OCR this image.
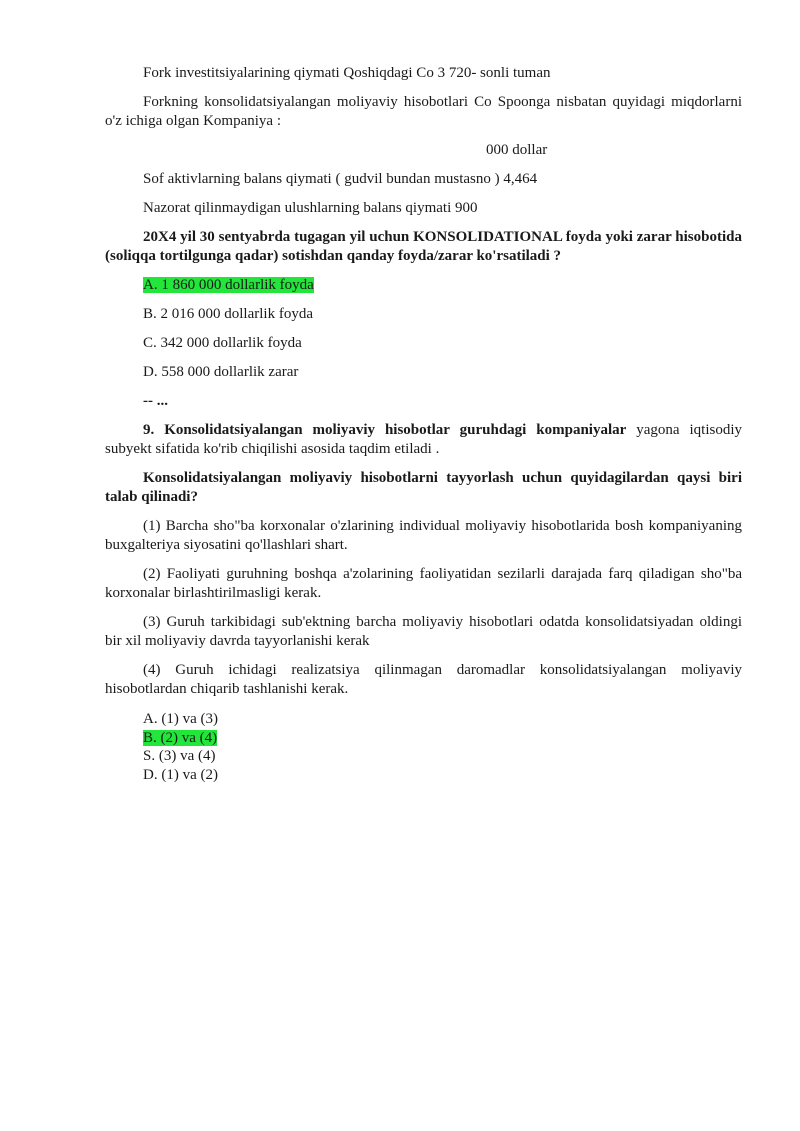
Fork investitsiyalarining qiymati Qoshiqdagi Co 3 720- sonli tuman

Forkning konsolidatsiyalangan moliyaviy hisobotlari Co Spoonga nisbatan quyidagi miqdorlarni o'z ichiga olgan Kompaniya :

000 dollar

Sof aktivlarning balans qiymati ( gudvil bundan mustasno ) 4,464

Nazorat qilinmaydigan ulushlarning balans qiymati 900

20X4 yil 30 sentyabrda tugagan yil uchun KONSOLIDATIONAL foyda yoki zarar hisobotida (soliqqa tortilgunga qadar) sotishdan qanday foyda/zarar ko'rsatiladi ?

A. 1 860 000 dollarlik foyda

B. 2 016 000 dollarlik foyda

C. 342 000 dollarlik foyda

D. 558 000 dollarlik zarar

-- ...

9. Konsolidatsiyalangan moliyaviy hisobotlar guruhdagi kompaniyalar yagona iqtisodiy subyekt sifatida ko'rib chiqilishi asosida taqdim etiladi .

Konsolidatsiyalangan moliyaviy hisobotlarni tayyorlash uchun quyidagilardan qaysi biri talab qilinadi?

(1) Barcha sho"ba korxonalar o'zlarining individual moliyaviy hisobotlarida bosh kompaniyaning buxgalteriya siyosatini qo'llashlari shart.

(2) Faoliyati guruhning boshqa a'zolarining faoliyatidan sezilarli darajada farq qiladigan sho"ba korxonalar birlashtirilmasligi kerak.

(3) Guruh tarkibidagi sub'ektning barcha moliyaviy hisobotlari odatda konsolidatsiyadan oldingi bir xil moliyaviy davrda tayyorlanishi kerak

(4) Guruh ichidagi realizatsiya qilinmagan daromadlar konsolidatsiyalangan moliyaviy hisobotlardan chiqarib tashlanishi kerak.

A. (1) va (3)

B. (2) va (4)

S. (3) va (4)

D. (1) va (2)
